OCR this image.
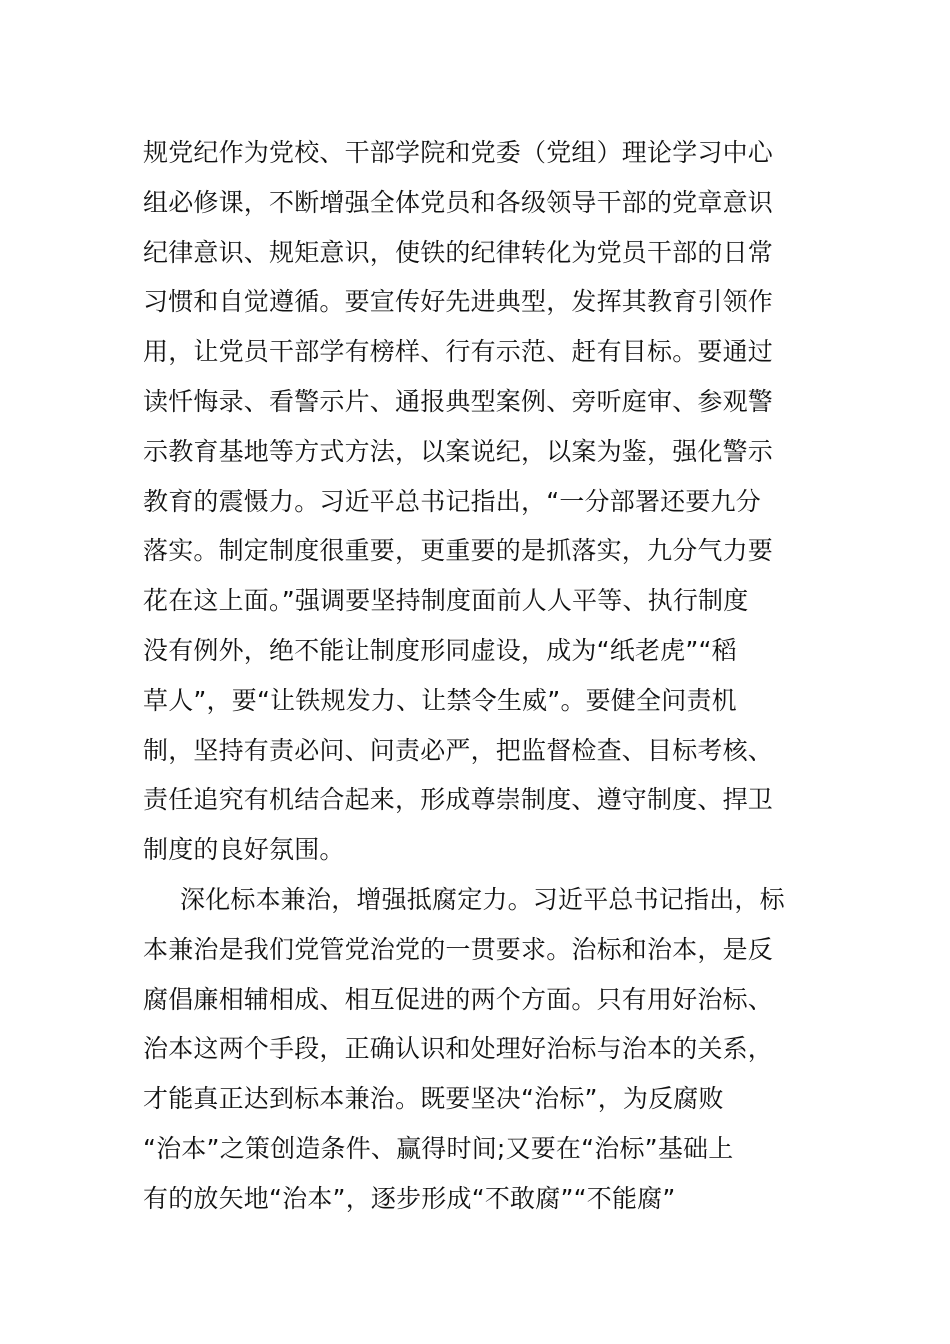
规党纪作为党校、干部学院和党委（党组）理论学习中心
组必修课，不断增强全体党员和各级领导干部的党章意识
纪律意识、规矩意识，使铁的纪律转化为党员干部的日常
习惯和自觉遵循。要宣传好先进典型，发挥其教育引领作
用，让党员干部学有榜样、行有示范、赶有目标。要通过
读忏悔录、看警示片、通报典型案例、旁听庭审、参观警
示教育基地等方式方法，以案说纪，以案为鉴，强化警示
教育的震慑力。习近平总书记指出，“一分部署还要九分
落实。制定制度很重要，更重要的是抓落实，九分气力要
花在这上面。”强调要坚持制度面前人人平等、执行制度
没有例外，绝不能让制度形同虚设，成为“纸老虎”“稻
草人”，要“让铁规发力、让禁令生威”。要健全问责机
制，坚持有责必问、问责必严，把监督检查、目标考核、
责任追究有机结合起来，形成尊崇制度、遵守制度、捍卫
制度的良好氛围。
深化标本兼治，增强抵腐定力。习近平总书记指出，标
本兼治是我们党管党治党的一贯要求。治标和治本，是反
腐倡廉相辅相成、相互促进的两个方面。只有用好治标、
治本这两个手段，正确认识和处理好治标与治本的关系，
才能真正达到标本兼治。既要坚决“治标”，为反腐败
“治本”之策创造条件、赢得时间;又要在“治标”基础上
有的放矢地“治本”，逐步形成“不敢腐”“不能腐”
